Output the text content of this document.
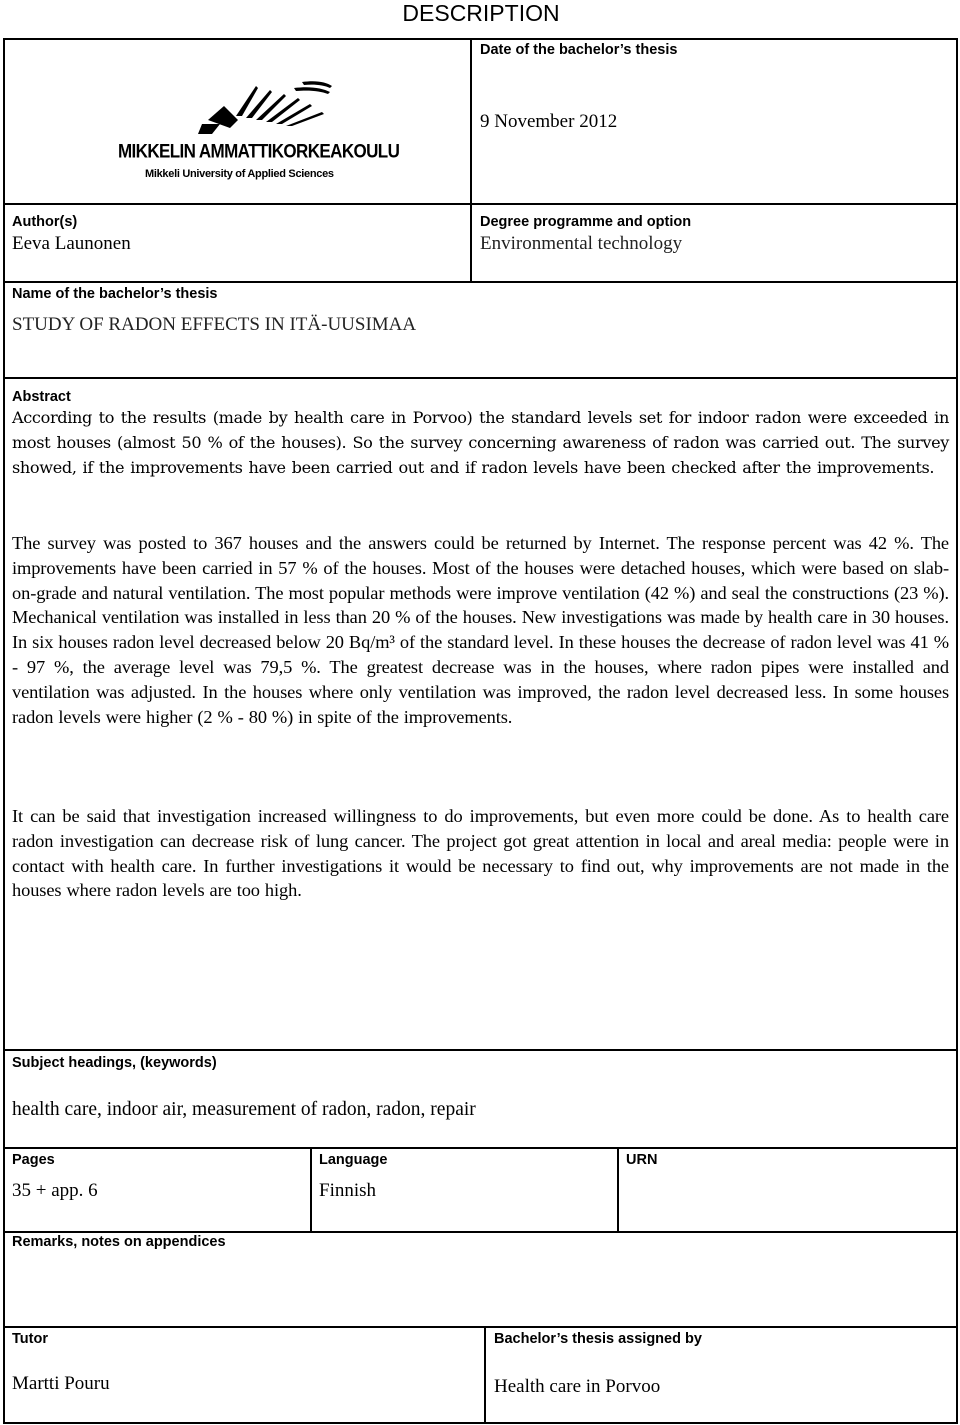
DESCRIPTION
MIKKELIN AMMATTIKORKEAKOULU
Mikkeli University of Applied Sciences
Date of the bachelor’s thesis
9 November 2012
Author(s)
Eeva Launonen
Degree programme and option
Environmental technology
Name of the bachelor’s thesis
STUDY OF RADON EFFECTS IN ITÄ-UUSIMAA
Abstract

According to the results (made by health care in Porvoo) the standard levels set for indoor radon were exceeded in most houses (almost 50 % of the houses). So the survey concerning awareness of radon was carried out. The survey showed, if the improvements have been carried out and if radon levels have been checked after the improvements.

The survey was posted to 367 houses and the answers could be returned by Internet. The response percent was 42 %. The improvements have been carried in 57 % of the houses. Most of the houses were detached houses, which were based on slab-on-grade and natural ventilation. The most popular methods were improve ventilation (42 %) and seal the constructions (23 %). Mechanical ventilation was installed in less than 20 % of the houses. New investigations was made by health care in 30 houses. In six houses radon level decreased below 20 Bq/m³ of the standard level. In these houses the decrease of radon level was 41 % - 97 %, the average level was 79,5 %. The greatest decrease was in the houses, where radon pipes were installed and ventilation was adjusted. In the houses where only ventilation was improved, the radon level decreased less. In some houses radon levels were higher (2 % - 80 %) in spite of the improvements.

It can be said that investigation increased willingness to do improvements, but even more could be done. As to health care radon investigation can decrease risk of lung cancer. The project got great attention in local and areal media: people were in contact with health care. In further investigations it would be necessary to find out, why improvements are not made in the houses where radon levels are too high.

Subject headings, (keywords)
health care, indoor air, measurement of radon, radon, repair
Pages
35 + app. 6
Language
Finnish
URN
Remarks, notes on appendices
Tutor
Martti Pouru
Bachelor’s thesis assigned by
Health care in Porvoo
